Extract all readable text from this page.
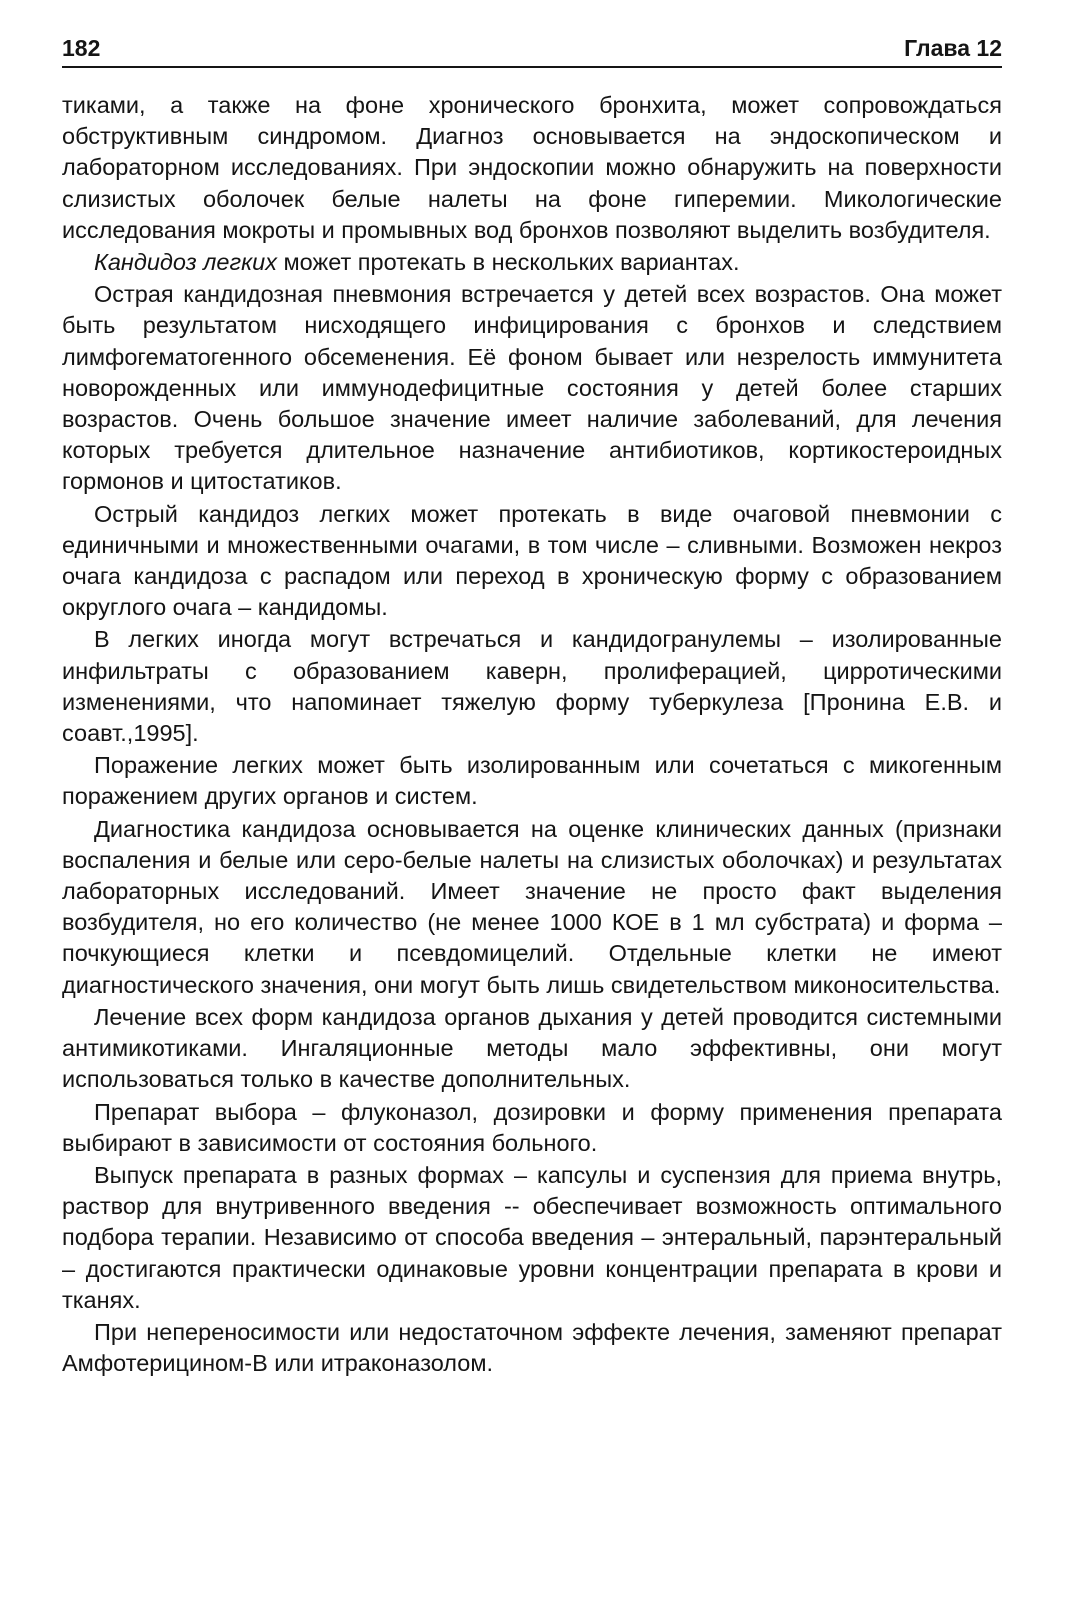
182	Глава 12

тиками, а также на фоне хронического бронхита, может сопровождаться обструктивным синдромом. Диагноз основывается на эндоскопическом и лабораторном исследованиях. При эндоскопии можно обнаружить на поверхности слизистых оболочек белые налеты на фоне гиперемии. Микологические исследования мокроты и промывных вод бронхов позволяют выделить возбудителя.

Кандидоз легких может протекать в нескольких вариантах.

Острая кандидозная пневмония встречается у детей всех возрастов. Она может быть результатом нисходящего инфицирования с бронхов и следствием лимфогематогенного обсеменения. Её фоном бывает или незрелость иммунитета новорожденных или иммунодефицитные состояния у детей более старших возрастов. Очень большое значение имеет наличие заболеваний, для лечения которых требуется длительное назначение антибиотиков, кортикостероидных гормонов и цитостатиков.

Острый кандидоз легких может протекать в виде очаговой пневмонии с единичными и множественными очагами, в том числе – сливными. Возможен некроз очага кандидоза с распадом или переход в хроническую форму с образованием округлого очага – кандидомы.

В легких иногда могут встречаться и кандидогранулемы – изолированные инфильтраты с образованием каверн, пролиферацией, цирротическими изменениями, что напоминает тяжелую форму туберкулеза [Пронина Е.В. и соавт.,1995].

Поражение легких может быть изолированным или сочетаться с микогенным поражением других органов и систем.

Диагностика кандидоза основывается на оценке клинических данных (признаки воспаления и белые или серо-белые налеты на слизистых оболочках) и результатах лабораторных исследований. Имеет значение не просто факт выделения возбудителя, но его количество (не менее 1000 КОЕ в 1 мл субстрата) и форма – почкующиеся клетки и псевдомицелий. Отдельные клетки не имеют диагностического значения, они могут быть лишь свидетельством миконосительства.

Лечение всех форм кандидоза органов дыхания у детей проводится системными антимикотиками. Ингаляционные методы мало эффективны, они могут использоваться только в качестве дополнительных.

Препарат выбора – флуконазол, дозировки и форму применения препарата выбирают в зависимости от состояния больного.

Выпуск препарата в разных формах – капсулы и суспензия для приема внутрь, раствор для внутривенного введения -- обеспечивает возможность оптимального подбора терапии. Независимо от способа введения – энтеральный, парэнтеральный – достигаются практически одинаковые уровни концентрации препарата в крови и тканях.

При непереносимости или недостаточном эффекте лечения, заменяют препарат Амфотерицином-В или итраконазолом.
